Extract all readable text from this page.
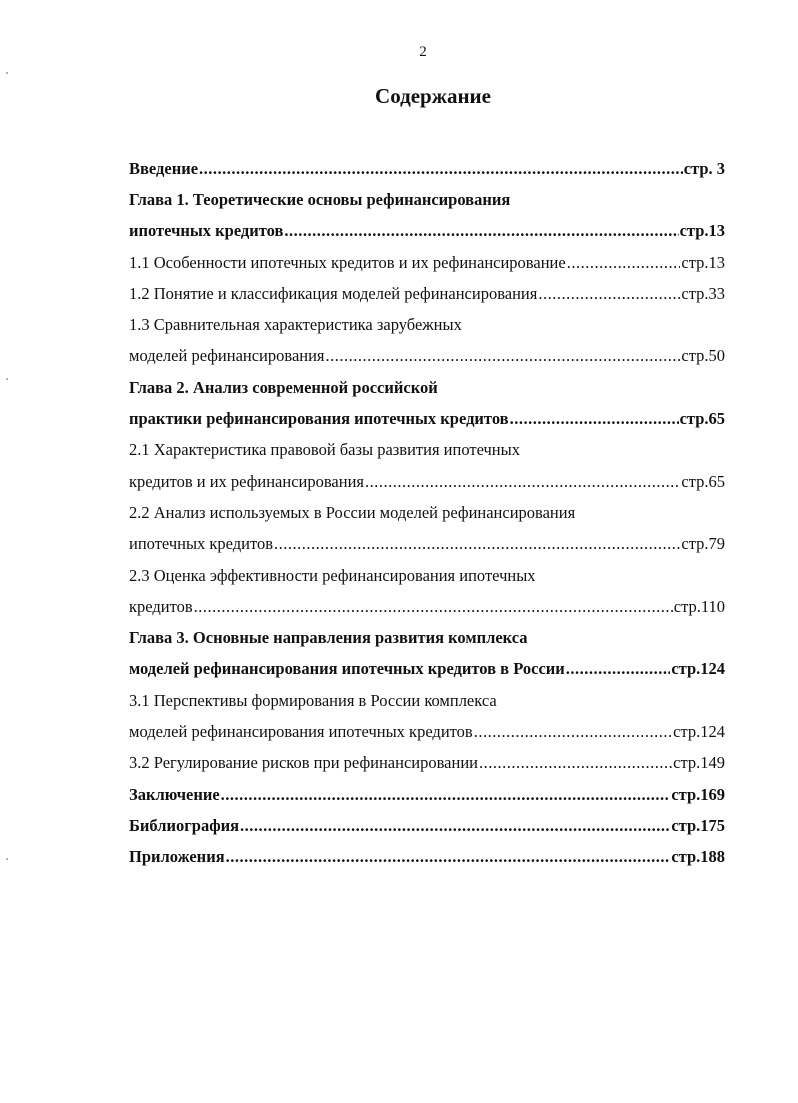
2
Содержание
Введение .....	стр. 3
Глава 1. Теоретические основы рефинансирования
ипотечных кредитов .....	стр.13
1.1 Особенности ипотечных кредитов и их рефинансирование .....	стр.13
1.2 Понятие и классификация моделей рефинансирования .....	стр.33
1.3 Сравнительная характеристика зарубежных
моделей рефинансирования .....	стр.50
Глава 2. Анализ современной российской
практики рефинансирования ипотечных кредитов .....	стр.65
2.1 Характеристика правовой базы развития ипотечных
кредитов и их рефинансирования .....	стр.65
2.2 Анализ используемых в России моделей рефинансирования
ипотечных кредитов .....	стр.79
2.3 Оценка эффективности рефинансирования ипотечных
кредитов .....	стр.110
Глава 3. Основные направления развития комплекса
моделей рефинансирования ипотечных кредитов в России .....	стр.124
3.1 Перспективы формирования в России комплекса
моделей рефинансирования ипотечных кредитов .....	стр.124
3.2 Регулирование рисков при рефинансировании .....	стр.149
Заключение .....	стр.169
Библиография .....	стр.175
Приложения .....	стр.188
